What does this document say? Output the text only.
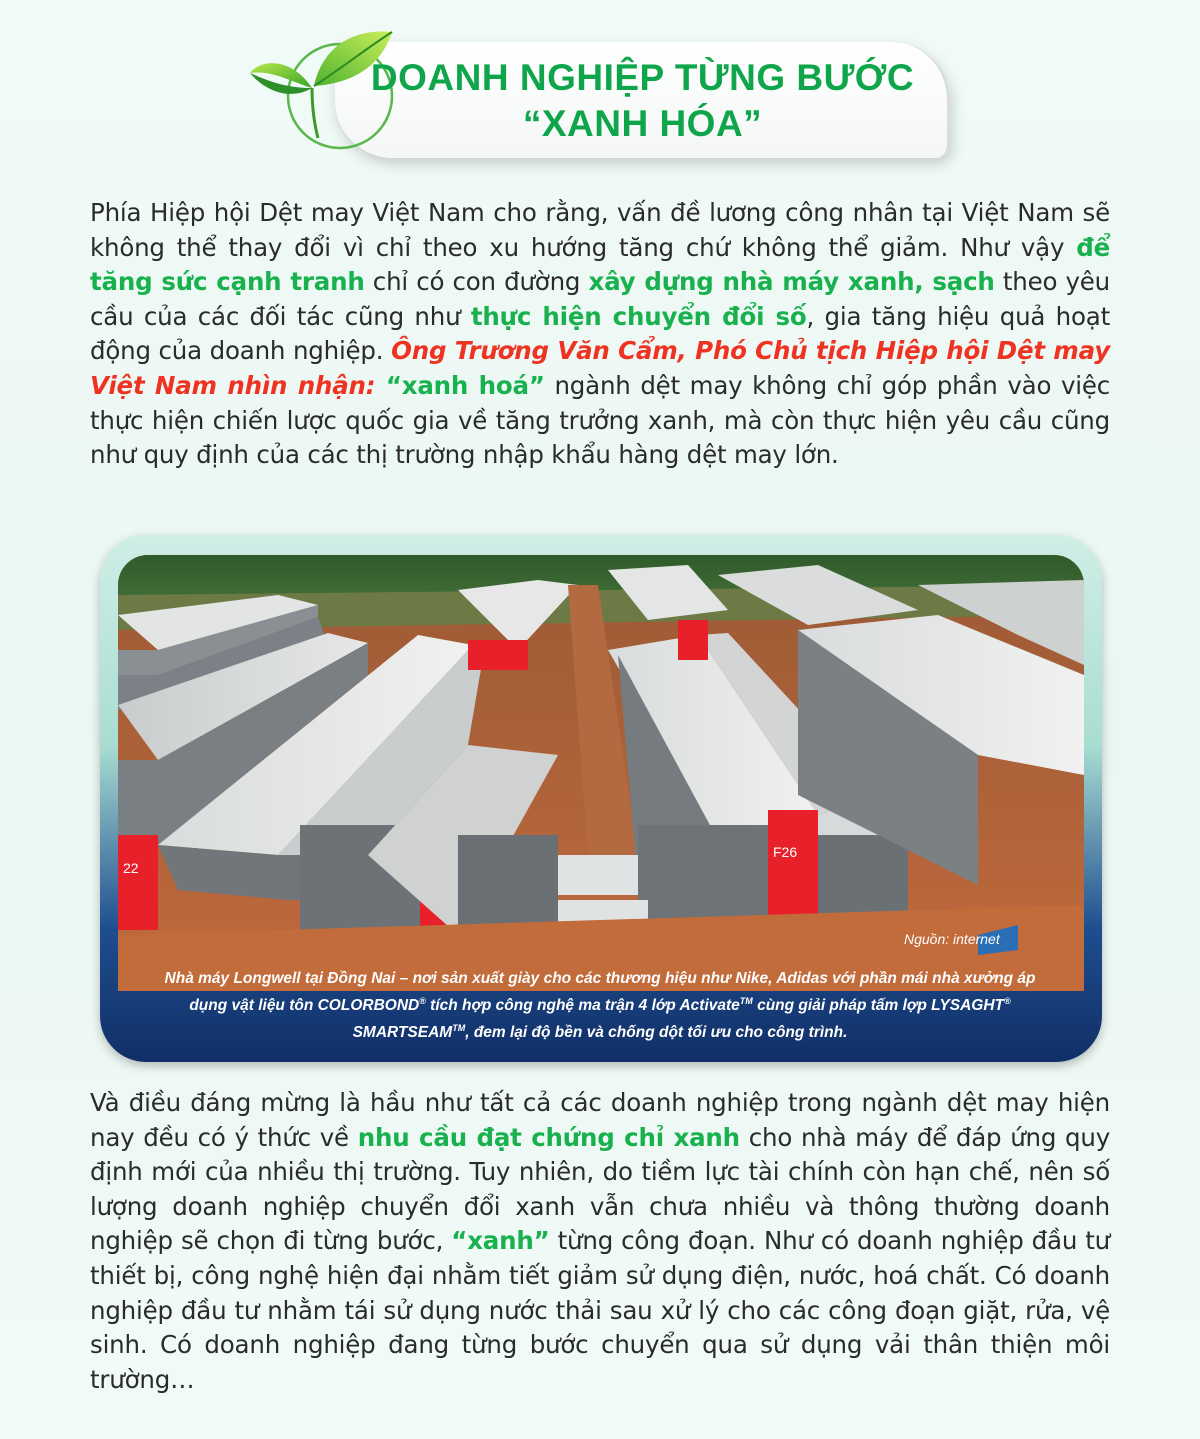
DOANH NGHIỆP TỪNG BƯỚC
“XANH HÓA”

Phía Hiệp hội Dệt may Việt Nam cho rằng, vấn đề lương công nhân tại Việt Nam sẽ không thể thay đổi vì chỉ theo xu hướng tăng chứ không thể giảm. Như vậy để tăng sức cạnh tranh chỉ có con đường xây dựng nhà máy xanh, sạch theo yêu cầu của các đối tác cũng như thực hiện chuyển đổi số, gia tăng hiệu quả hoạt động của doanh nghiệp. Ông Trương Văn Cẩm, Phó Chủ tịch Hiệp hội Dệt may Việt Nam nhìn nhận: “xanh hoá” ngành dệt may không chỉ góp phần vào việc thực hiện chiến lược quốc gia về tăng trưởng xanh, mà còn thực hiện yêu cầu cũng như quy định của các thị trường nhập khẩu hàng dệt may lớn.

22
F26
Nguồn: internet

Nhà máy Longwell tại Đồng Nai – nơi sản xuất giày cho các thương hiệu như Nike, Adidas với phần mái nhà xưởng áp dụng vật liệu tôn COLORBOND® tích hợp công nghệ ma trận 4 lớp Activate™ cùng giải pháp tấm lợp LYSAGHT® SMARTSEAM™, đem lại độ bền và chống dột tối ưu cho công trình.

Và điều đáng mừng là hầu như tất cả các doanh nghiệp trong ngành dệt may hiện nay đều có ý thức về nhu cầu đạt chứng chỉ xanh cho nhà máy để đáp ứng quy định mới của nhiều thị trường. Tuy nhiên, do tiềm lực tài chính còn hạn chế, nên số lượng doanh nghiệp chuyển đổi xanh vẫn chưa nhiều và thông thường doanh nghiệp sẽ chọn đi từng bước, “xanh” từng công đoạn. Như có doanh nghiệp đầu tư thiết bị, công nghệ hiện đại nhằm tiết giảm sử dụng điện, nước, hoá chất. Có doanh nghiệp đầu tư nhằm tái sử dụng nước thải sau xử lý cho các công đoạn giặt, rửa, vệ sinh. Có doanh nghiệp đang từng bước chuyển qua sử dụng vải thân thiện môi trường…
